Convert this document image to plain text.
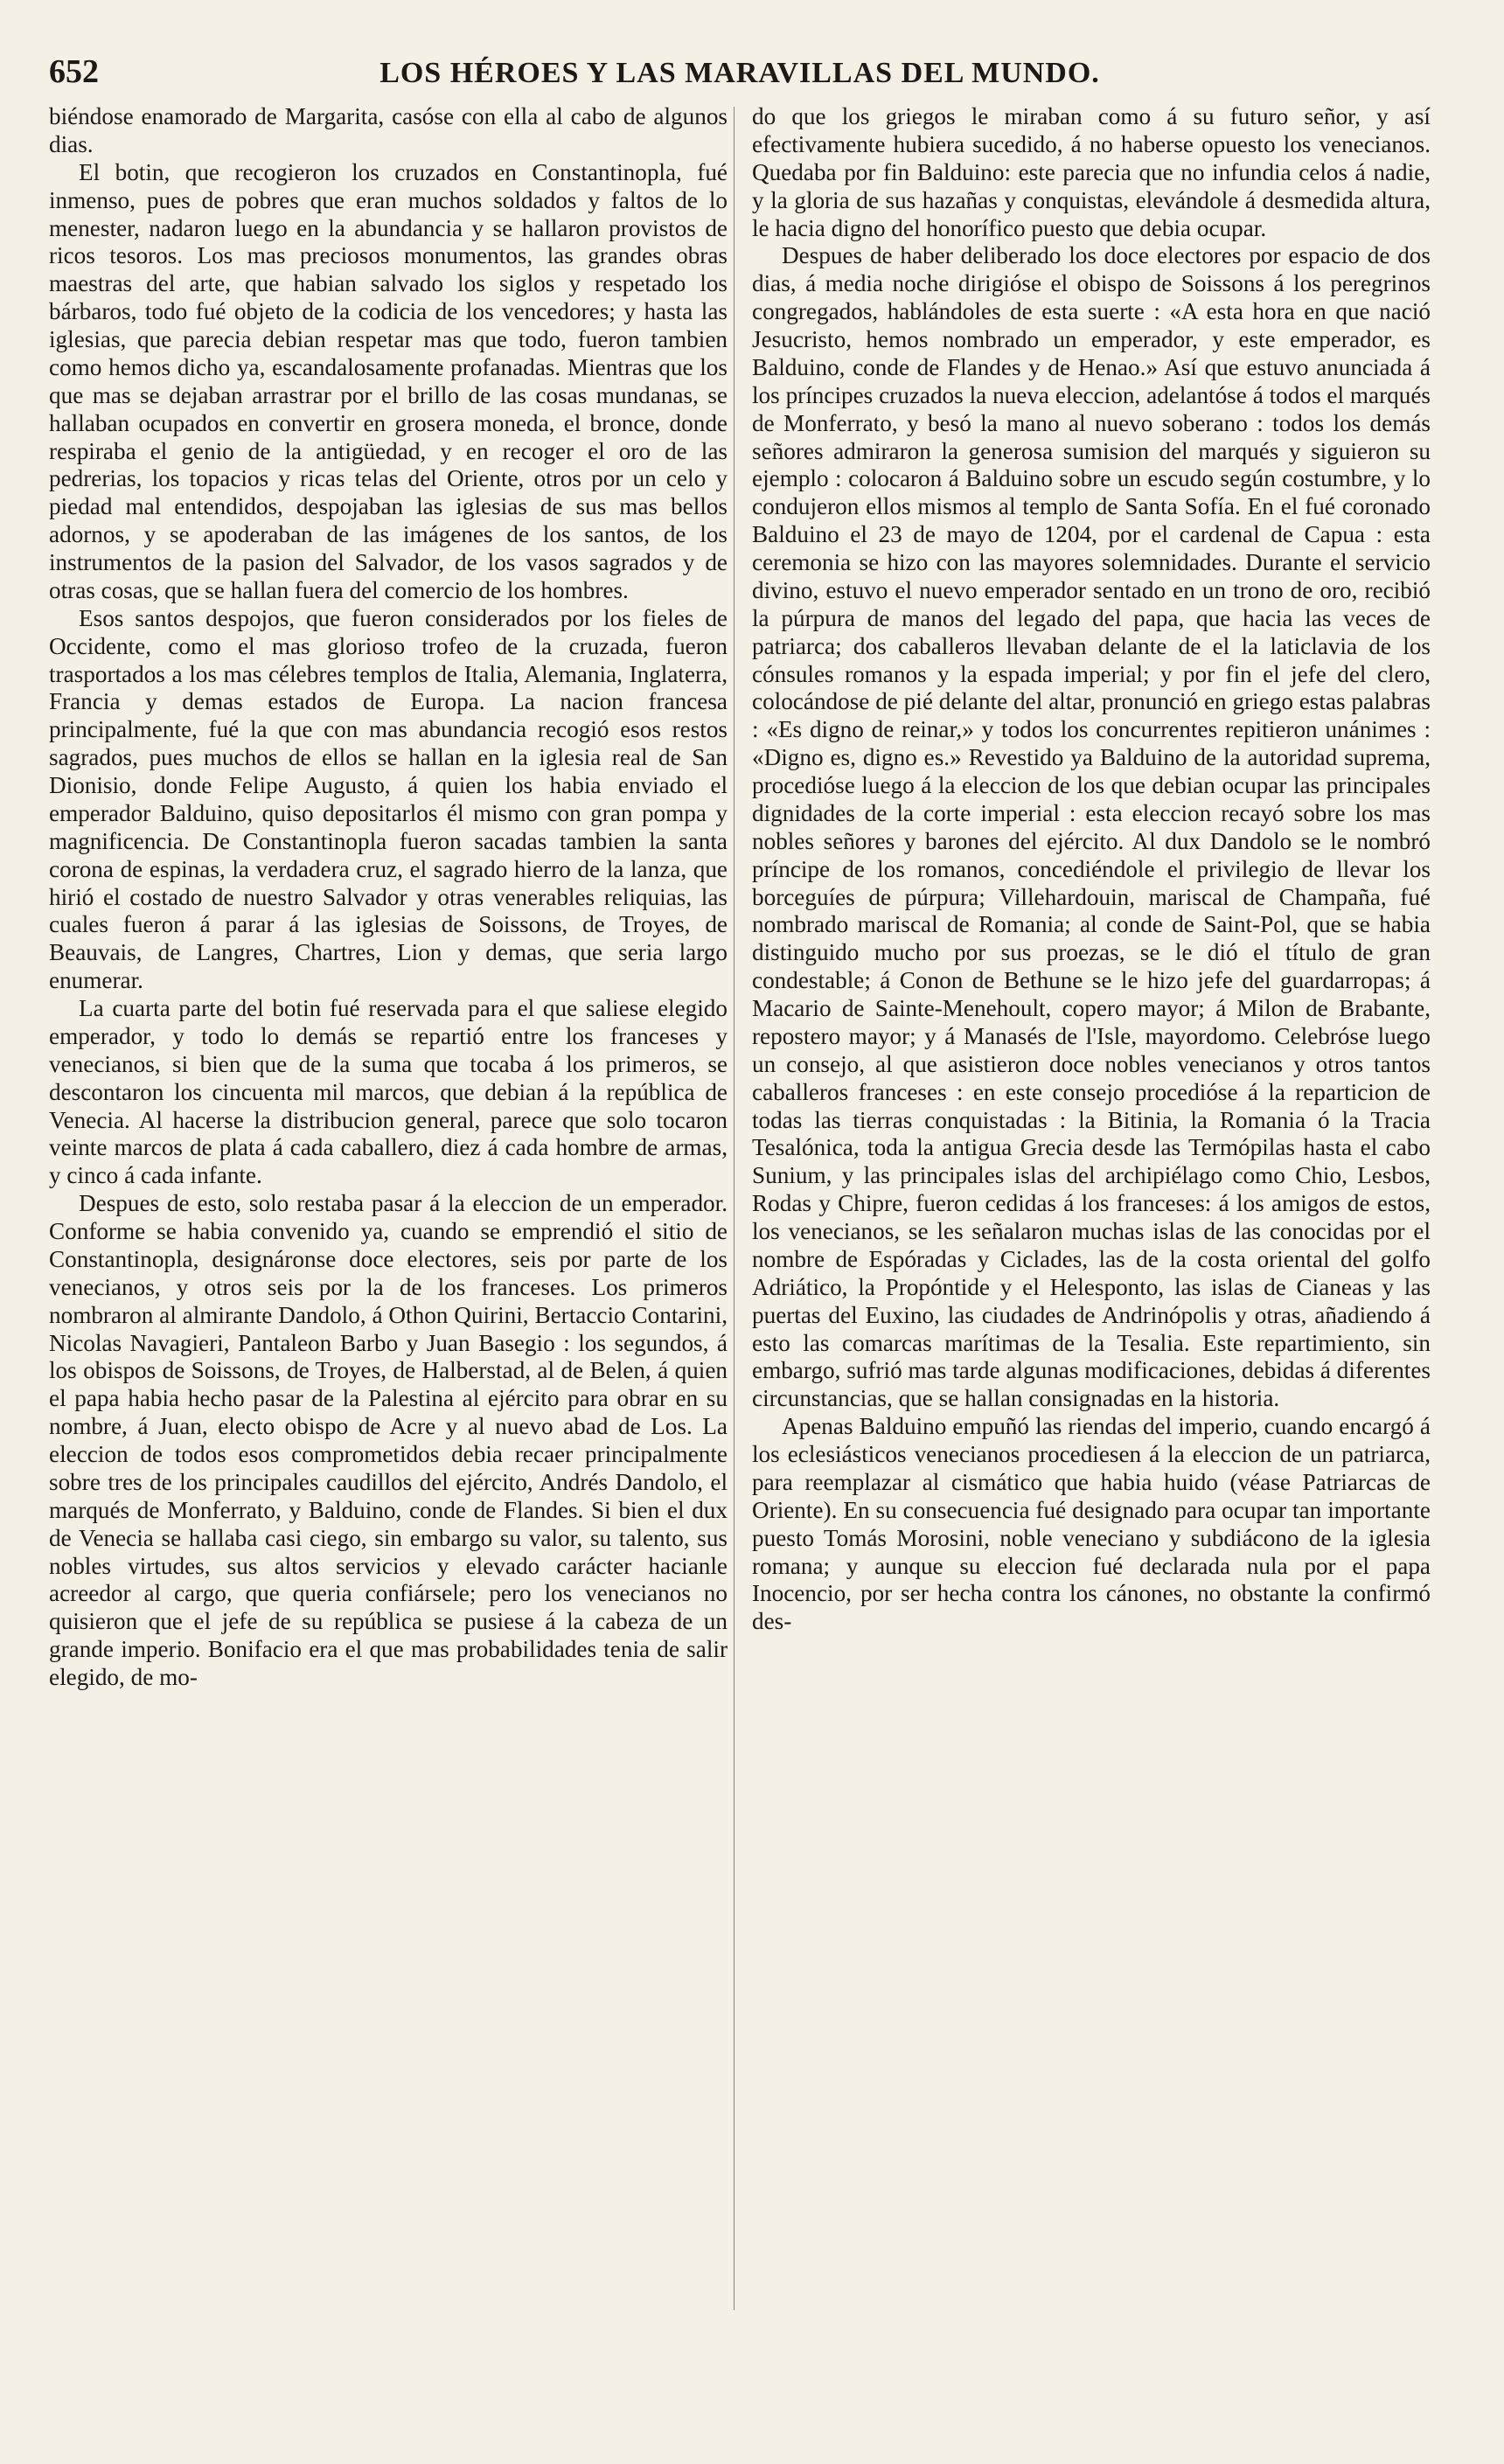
652	LOS HÉROES Y LAS MARAVILLAS DEL MUNDO.

biéndose enamorado de Margarita, casóse con ella al cabo de algunos dias.

El botin, que recogieron los cruzados en Constantinopla, fué inmenso, pues de pobres que eran muchos soldados y faltos de lo menester, nadaron luego en la abundancia y se hallaron provistos de ricos tesoros. Los mas preciosos monumentos, las grandes obras maestras del arte, que habian salvado los siglos y respetado los bárbaros, todo fué objeto de la codicia de los vencedores; y hasta las iglesias, que parecia debian respetar mas que todo, fueron tambien como hemos dicho ya, escandalosamente profanadas. Mientras que los que mas se dejaban arrastrar por el brillo de las cosas mundanas, se hallaban ocupados en convertir en grosera moneda, el bronce, donde respiraba el genio de la antigüedad, y en recoger el oro de las pedrerias, los topacios y ricas telas del Oriente, otros por un celo y piedad mal entendidos, despojaban las iglesias de sus mas bellos adornos, y se apoderaban de las imágenes de los santos, de los instrumentos de la pasion del Salvador, de los vasos sagrados y de otras cosas, que se hallan fuera del comercio de los hombres.

Esos santos despojos, que fueron considerados por los fieles de Occidente, como el mas glorioso trofeo de la cruzada, fueron trasportados a los mas célebres templos de Italia, Alemania, Inglaterra, Francia y demas estados de Europa. La nacion francesa principalmente, fué la que con mas abundancia recogió esos restos sagrados, pues muchos de ellos se hallan en la iglesia real de San Dionisio, donde Felipe Augusto, á quien los habia enviado el emperador Balduino, quiso depositarlos él mismo con gran pompa y magnificencia. De Constantinopla fueron sacadas tambien la santa corona de espinas, la verdadera cruz, el sagrado hierro de la lanza, que hirió el costado de nuestro Salvador y otras venerables reliquias, las cuales fueron á parar á las iglesias de Soissons, de Troyes, de Beauvais, de Langres, Chartres, Lion y demas, que seria largo enumerar.

La cuarta parte del botin fué reservada para el que saliese elegido emperador, y todo lo demás se repartió entre los franceses y venecianos, si bien que de la suma que tocaba á los primeros, se descontaron los cincuenta mil marcos, que debian á la república de Venecia. Al hacerse la distribucion general, parece que solo tocaron veinte marcos de plata á cada caballero, diez á cada hombre de armas, y cinco á cada infante.

Despues de esto, solo restaba pasar á la eleccion de un emperador. Conforme se habia convenido ya, cuando se emprendió el sitio de Constantinopla, designáronse doce electores, seis por parte de los venecianos, y otros seis por la de los franceses. Los primeros nombraron al almirante Dandolo, á Othon Quirini, Bertaccio Contarini, Nicolas Navagieri, Pantaleon Barbo y Juan Basegio : los segundos, á los obispos de Soissons, de Troyes, de Halberstad, al de Belen, á quien el papa habia hecho pasar de la Palestina al ejército para obrar en su nombre, á Juan, electo obispo de Acre y al nuevo abad de Los. La eleccion de todos esos comprometidos debia recaer principalmente sobre tres de los principales caudillos del ejército, Andrés Dandolo, el marqués de Monferrato, y Balduino, conde de Flandes. Si bien el dux de Venecia se hallaba casi ciego, sin embargo su valor, su talento, sus nobles virtudes, sus altos servicios y elevado carácter hacianle acreedor al cargo, que queria confiársele; pero los venecianos no quisieron que el jefe de su república se pusiese á la cabeza de un grande imperio. Bonifacio era el que mas probabilidades tenia de salir elegido, de mo-

do que los griegos le miraban como á su futuro señor, y así efectivamente hubiera sucedido, á no haberse opuesto los venecianos. Quedaba por fin Balduino: este parecia que no infundia celos á nadie, y la gloria de sus hazañas y conquistas, elevándole á desmedida altura, le hacia digno del honorífico puesto que debia ocupar.

Despues de haber deliberado los doce electores por espacio de dos dias, á media noche dirigióse el obispo de Soissons á los peregrinos congregados, hablándoles de esta suerte : «A esta hora en que nació Jesucristo, hemos nombrado un emperador, y este emperador, es Balduino, conde de Flandes y de Henao.» Así que estuvo anunciada á los príncipes cruzados la nueva eleccion, adelantóse á todos el marqués de Monferrato, y besó la mano al nuevo soberano : todos los demás señores admiraron la generosa sumision del marqués y siguieron su ejemplo : colocaron á Balduino sobre un escudo según costumbre, y lo condujeron ellos mismos al templo de Santa Sofía. En el fué coronado Balduino el 23 de mayo de 1204, por el cardenal de Capua : esta ceremonia se hizo con las mayores solemnidades. Durante el servicio divino, estuvo el nuevo emperador sentado en un trono de oro, recibió la púrpura de manos del legado del papa, que hacia las veces de patriarca; dos caballeros llevaban delante de el la laticlavia de los cónsules romanos y la espada imperial; y por fin el jefe del clero, colocándose de pié delante del altar, pronunció en griego estas palabras : «Es digno de reinar,» y todos los concurrentes repitieron unánimes : «Digno es, digno es.» Revestido ya Balduino de la autoridad suprema, procedióse luego á la eleccion de los que debian ocupar las principales dignidades de la corte imperial : esta eleccion recayó sobre los mas nobles señores y barones del ejército. Al dux Dandolo se le nombró príncipe de los romanos, concediéndole el privilegio de llevar los borceguíes de púrpura; Villehardouin, mariscal de Champaña, fué nombrado mariscal de Romania; al conde de Saint-Pol, que se habia distinguido mucho por sus proezas, se le dió el título de gran condestable; á Conon de Bethune se le hizo jefe del guardarropas; á Macario de Sainte-Menehoult, copero mayor; á Milon de Brabante, repostero mayor; y á Manasés de l'Isle, mayordomo. Celebróse luego un consejo, al que asistieron doce nobles venecianos y otros tantos caballeros franceses : en este consejo procedióse á la reparticion de todas las tierras conquistadas : la Bitinia, la Romania ó la Tracia Tesalónica, toda la antigua Grecia desde las Termópilas hasta el cabo Sunium, y las principales islas del archipiélago como Chio, Lesbos, Rodas y Chipre, fueron cedidas á los franceses: á los amigos de estos, los venecianos, se les señalaron muchas islas de las conocidas por el nombre de Espóradas y Ciclades, las de la costa oriental del golfo Adriático, la Propóntide y el Helesponto, las islas de Cianeas y las puertas del Euxino, las ciudades de Andrinópolis y otras, añadiendo á esto las comarcas marítimas de la Tesalia. Este repartimiento, sin embargo, sufrió mas tarde algunas modificaciones, debidas á diferentes circunstancias, que se hallan consignadas en la historia.

Apenas Balduino empuñó las riendas del imperio, cuando encargó á los eclesiásticos venecianos procediesen á la eleccion de un patriarca, para reemplazar al cismático que habia huido (véase Patriarcas de Oriente). En su consecuencia fué designado para ocupar tan importante puesto Tomás Morosini, noble veneciano y subdiácono de la iglesia romana; y aunque su eleccion fué declarada nula por el papa Inocencio, por ser hecha contra los cánones, no obstante la confirmó des-
